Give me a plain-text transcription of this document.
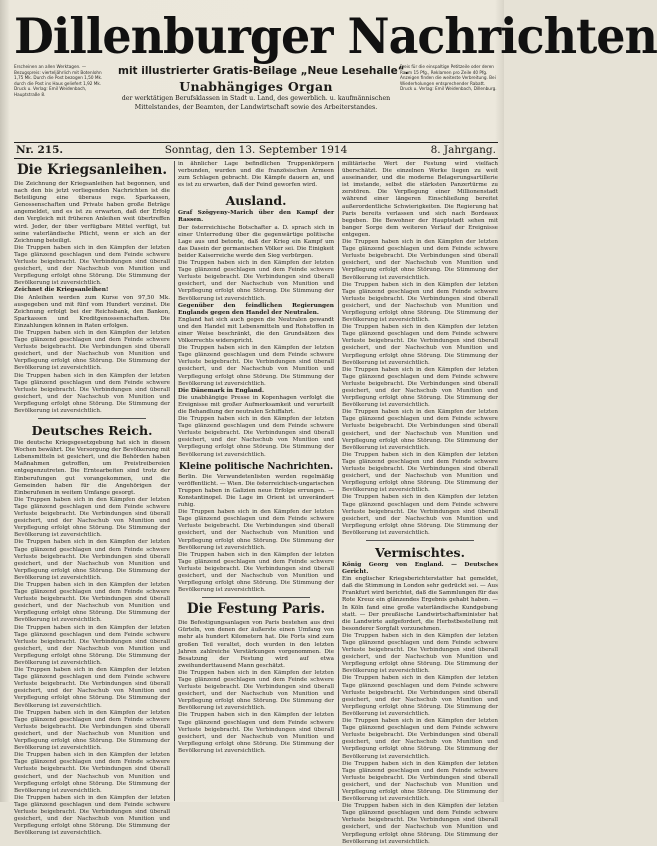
Dillenburger Nachrichten
Erscheinen an allen Werktagen. — Bezugspreis: vierteljährlich mit Botenlohn 1,75 Mk. Durch die Post bezogen 1,50 Mk. durch die Post ins Haus geliefert 1,92 Mk. Druck u. Verlag: Emil Weidenbach, Hauptstraße 8.
mit illustrierter Gratis-Beilage „Neue Lesehalle“.
Unabhängiges Organ
der werktätigen Berufsklassen in Stadt u. Land, des gewerblich. u. kaufmännischen Mittelstandes, der Beamten, der Landwirtschaft sowie des Arbeiterstandes.
Preis für die einspaltige Petitzeile oder deren Raum 15 Pfg., Reklamen pro Zeile 40 Pfg. Anzeigen finden die weiteste Verbreitung. Bei Wiederholungen entsprechender Rabatt. Druck u. Verlag: Emil Weidenbach, Dillenburg.
Nr. 215.	Sonntag, den 13. September 1914	8. Jahrgang.
Die Kriegsanleihen.

Die Zeichnung der Kriegsanleihen hat begonnen, und nach den bis jetzt vorliegenden Nachrichten ist die Beteiligung eine überaus rege. Sparkassen, Genossenschaften und Private haben große Beträge angemeldet, und es ist zu erwarten, daß der Erfolg den Vergleich mit früheren Anleihen weit übertreffen wird. Jeder, der über verfügbare Mittel verfügt, tut seine vaterländische Pflicht, wenn er sich an der Zeichnung beteiligt.

Die Truppen haben sich in den Kämpfen der letzten Tage glänzend geschlagen und dem Feinde schwere Verluste beigebracht. Die Verbindungen sind überall gesichert, und der Nachschub von Munition und Verpflegung erfolgt ohne Störung. Die Stimmung der Bevölkerung ist zuversichtlich.

Zeichnet die Kriegsanleihen!

Die Anleihen werden zum Kurse von 97,50 Mk. ausgegeben und mit fünf vom Hundert verzinst. Die Zeichnung erfolgt bei der Reichsbank, den Banken, Sparkassen und Kreditgenossenschaften. Die Einzahlungen können in Raten erfolgen.

Die Truppen haben sich in den Kämpfen der letzten Tage glänzend geschlagen und dem Feinde schwere Verluste beigebracht. Die Verbindungen sind überall gesichert, und der Nachschub von Munition und Verpflegung erfolgt ohne Störung. Die Stimmung der Bevölkerung ist zuversichtlich.

Die Truppen haben sich in den Kämpfen der letzten Tage glänzend geschlagen und dem Feinde schwere Verluste beigebracht. Die Verbindungen sind überall gesichert, und der Nachschub von Munition und Verpflegung erfolgt ohne Störung. Die Stimmung der Bevölkerung ist zuversichtlich.

Deutsches Reich.

Die deutsche Kriegsgesetzgebung hat sich in diesen Wochen bewährt. Die Versorgung der Bevölkerung mit Lebensmitteln ist gesichert, und die Behörden haben Maßnahmen getroffen, um Preistreibereien entgegenzutreten. Die Erntearbeiten sind trotz der Einberufungen gut vorangekommen, und die Gemeinden haben für die Angehörigen der Einberufenen in weitem Umfange gesorgt.

Die Truppen haben sich in den Kämpfen der letzten Tage glänzend geschlagen und dem Feinde schwere Verluste beigebracht. Die Verbindungen sind überall gesichert, und der Nachschub von Munition und Verpflegung erfolgt ohne Störung. Die Stimmung der Bevölkerung ist zuversichtlich.

Die Truppen haben sich in den Kämpfen der letzten Tage glänzend geschlagen und dem Feinde schwere Verluste beigebracht. Die Verbindungen sind überall gesichert, und der Nachschub von Munition und Verpflegung erfolgt ohne Störung. Die Stimmung der Bevölkerung ist zuversichtlich.

Die Truppen haben sich in den Kämpfen der letzten Tage glänzend geschlagen und dem Feinde schwere Verluste beigebracht. Die Verbindungen sind überall gesichert, und der Nachschub von Munition und Verpflegung erfolgt ohne Störung. Die Stimmung der Bevölkerung ist zuversichtlich.

Die Truppen haben sich in den Kämpfen der letzten Tage glänzend geschlagen und dem Feinde schwere Verluste beigebracht. Die Verbindungen sind überall gesichert, und der Nachschub von Munition und Verpflegung erfolgt ohne Störung. Die Stimmung der Bevölkerung ist zuversichtlich.

Die Truppen haben sich in den Kämpfen der letzten Tage glänzend geschlagen und dem Feinde schwere Verluste beigebracht. Die Verbindungen sind überall gesichert, und der Nachschub von Munition und Verpflegung erfolgt ohne Störung. Die Stimmung der Bevölkerung ist zuversichtlich.

Die Truppen haben sich in den Kämpfen der letzten Tage glänzend geschlagen und dem Feinde schwere Verluste beigebracht. Die Verbindungen sind überall gesichert, und der Nachschub von Munition und Verpflegung erfolgt ohne Störung. Die Stimmung der Bevölkerung ist zuversichtlich.

Die Truppen haben sich in den Kämpfen der letzten Tage glänzend geschlagen und dem Feinde schwere Verluste beigebracht. Die Verbindungen sind überall gesichert, und der Nachschub von Munition und Verpflegung erfolgt ohne Störung. Die Stimmung der Bevölkerung ist zuversichtlich.

Die Truppen haben sich in den Kämpfen der letzten Tage glänzend geschlagen und dem Feinde schwere Verluste beigebracht. Die Verbindungen sind überall gesichert, und der Nachschub von Munition und Verpflegung erfolgt ohne Störung. Die Stimmung der Bevölkerung ist zuversichtlich.

in ähnlicher Lage befindlichen Truppenkörpern verbunden, wurden und die französischen Armeen zum Schlagen gebracht. Die Kämpfe dauern an, und es ist zu erwarten, daß der Feind geworfen wird.

Ausland.

Graf Szögyeny-Marich über den Kampf der Rassen.

Der österreichische Botschafter a. D. sprach sich in einer Unterredung über die gegenwärtige politische Lage aus und betonte, daß der Krieg ein Kampf um das Dasein der germanischen Völker sei. Die Einigkeit beider Kaiserreiche werde den Sieg verbürgen.

Die Truppen haben sich in den Kämpfen der letzten Tage glänzend geschlagen und dem Feinde schwere Verluste beigebracht. Die Verbindungen sind überall gesichert, und der Nachschub von Munition und Verpflegung erfolgt ohne Störung. Die Stimmung der Bevölkerung ist zuversichtlich.

Gegenüber den feindlichen Regierungen Englands gegen den Handel der Neutralen.

England hat sich auch gegen die Neutralen gewandt und den Handel mit Lebensmitteln und Rohstoffen in einer Weise beschränkt, die den Grundsätzen des Völkerrechts widerspricht.

Die Truppen haben sich in den Kämpfen der letzten Tage glänzend geschlagen und dem Feinde schwere Verluste beigebracht. Die Verbindungen sind überall gesichert, und der Nachschub von Munition und Verpflegung erfolgt ohne Störung. Die Stimmung der Bevölkerung ist zuversichtlich.

Die Dänemark in England.

Die unabhängige Presse in Kopenhagen verfolgt die Ereignisse mit großer Aufmerksamkeit und verurteilt die Behandlung der neutralen Schiffahrt.

Die Truppen haben sich in den Kämpfen der letzten Tage glänzend geschlagen und dem Feinde schwere Verluste beigebracht. Die Verbindungen sind überall gesichert, und der Nachschub von Munition und Verpflegung erfolgt ohne Störung. Die Stimmung der Bevölkerung ist zuversichtlich.

Kleine politische Nachrichten.

Berlin. Die Verwundetenlisten werden regelmäßig veröffentlicht. — Wien. Die österreichisch-ungarischen Truppen haben in Galizien neue Erfolge errungen. — Konstantinopel. Die Lage im Orient ist unverändert ruhig.

Die Truppen haben sich in den Kämpfen der letzten Tage glänzend geschlagen und dem Feinde schwere Verluste beigebracht. Die Verbindungen sind überall gesichert, und der Nachschub von Munition und Verpflegung erfolgt ohne Störung. Die Stimmung der Bevölkerung ist zuversichtlich.

Die Truppen haben sich in den Kämpfen der letzten Tage glänzend geschlagen und dem Feinde schwere Verluste beigebracht. Die Verbindungen sind überall gesichert, und der Nachschub von Munition und Verpflegung erfolgt ohne Störung. Die Stimmung der Bevölkerung ist zuversichtlich.

Die Festung Paris.

Die Befestigungsanlagen von Paris bestehen aus drei Gürteln, von denen der äußerste einen Umfang von mehr als hundert Kilometern hat. Die Forts sind zum großen Teil veraltet, doch wurden in den letzten Jahren zahlreiche Verstärkungen vorgenommen. Die Besatzung der Festung wird auf etwa zweihunderttausend Mann geschätzt.

Die Truppen haben sich in den Kämpfen der letzten Tage glänzend geschlagen und dem Feinde schwere Verluste beigebracht. Die Verbindungen sind überall gesichert, und der Nachschub von Munition und Verpflegung erfolgt ohne Störung. Die Stimmung der Bevölkerung ist zuversichtlich.

Die Truppen haben sich in den Kämpfen der letzten Tage glänzend geschlagen und dem Feinde schwere Verluste beigebracht. Die Verbindungen sind überall gesichert, und der Nachschub von Munition und Verpflegung erfolgt ohne Störung. Die Stimmung der Bevölkerung ist zuversichtlich.

militärische Wert der Festung wird vielfach überschätzt. Die einzelnen Werke liegen zu weit auseinander, und die moderne Belagerungsartillerie ist imstande, selbst die stärksten Panzertürme zu zerstören. Die Verpflegung einer Millionenstadt während einer längeren Einschließung bereitet außerordentliche Schwierigkeiten. Die Regierung hat Paris bereits verlassen und sich nach Bordeaux begeben. Die Bewohner der Hauptstadt sehen mit banger Sorge dem weiteren Verlauf der Ereignisse entgegen.

Die Truppen haben sich in den Kämpfen der letzten Tage glänzend geschlagen und dem Feinde schwere Verluste beigebracht. Die Verbindungen sind überall gesichert, und der Nachschub von Munition und Verpflegung erfolgt ohne Störung. Die Stimmung der Bevölkerung ist zuversichtlich.

Die Truppen haben sich in den Kämpfen der letzten Tage glänzend geschlagen und dem Feinde schwere Verluste beigebracht. Die Verbindungen sind überall gesichert, und der Nachschub von Munition und Verpflegung erfolgt ohne Störung. Die Stimmung der Bevölkerung ist zuversichtlich.

Die Truppen haben sich in den Kämpfen der letzten Tage glänzend geschlagen und dem Feinde schwere Verluste beigebracht. Die Verbindungen sind überall gesichert, und der Nachschub von Munition und Verpflegung erfolgt ohne Störung. Die Stimmung der Bevölkerung ist zuversichtlich.

Die Truppen haben sich in den Kämpfen der letzten Tage glänzend geschlagen und dem Feinde schwere Verluste beigebracht. Die Verbindungen sind überall gesichert, und der Nachschub von Munition und Verpflegung erfolgt ohne Störung. Die Stimmung der Bevölkerung ist zuversichtlich.

Die Truppen haben sich in den Kämpfen der letzten Tage glänzend geschlagen und dem Feinde schwere Verluste beigebracht. Die Verbindungen sind überall gesichert, und der Nachschub von Munition und Verpflegung erfolgt ohne Störung. Die Stimmung der Bevölkerung ist zuversichtlich.

Die Truppen haben sich in den Kämpfen der letzten Tage glänzend geschlagen und dem Feinde schwere Verluste beigebracht. Die Verbindungen sind überall gesichert, und der Nachschub von Munition und Verpflegung erfolgt ohne Störung. Die Stimmung der Bevölkerung ist zuversichtlich.

Die Truppen haben sich in den Kämpfen der letzten Tage glänzend geschlagen und dem Feinde schwere Verluste beigebracht. Die Verbindungen sind überall gesichert, und der Nachschub von Munition und Verpflegung erfolgt ohne Störung. Die Stimmung der Bevölkerung ist zuversichtlich.

Vermischtes.

König Georg von England. — Deutsches Gericht.

Ein englischer Kriegsberichterstatter hat gemeldet, daß die Stimmung in London sehr gedrückt sei. — Aus Frankfurt wird berichtet, daß die Sammlungen für das Rote Kreuz ein glänzendes Ergebnis gehabt haben. — In Köln fand eine große vaterländische Kundgebung statt. — Der preußische Landwirtschaftsminister hat die Landwirte aufgefordert, die Herbstbestellung mit besonderer Sorgfalt vorzunehmen.

Die Truppen haben sich in den Kämpfen der letzten Tage glänzend geschlagen und dem Feinde schwere Verluste beigebracht. Die Verbindungen sind überall gesichert, und der Nachschub von Munition und Verpflegung erfolgt ohne Störung. Die Stimmung der Bevölkerung ist zuversichtlich.

Die Truppen haben sich in den Kämpfen der letzten Tage glänzend geschlagen und dem Feinde schwere Verluste beigebracht. Die Verbindungen sind überall gesichert, und der Nachschub von Munition und Verpflegung erfolgt ohne Störung. Die Stimmung der Bevölkerung ist zuversichtlich.

Die Truppen haben sich in den Kämpfen der letzten Tage glänzend geschlagen und dem Feinde schwere Verluste beigebracht. Die Verbindungen sind überall gesichert, und der Nachschub von Munition und Verpflegung erfolgt ohne Störung. Die Stimmung der Bevölkerung ist zuversichtlich.

Die Truppen haben sich in den Kämpfen der letzten Tage glänzend geschlagen und dem Feinde schwere Verluste beigebracht. Die Verbindungen sind überall gesichert, und der Nachschub von Munition und Verpflegung erfolgt ohne Störung. Die Stimmung der Bevölkerung ist zuversichtlich.

Die Truppen haben sich in den Kämpfen der letzten Tage glänzend geschlagen und dem Feinde schwere Verluste beigebracht. Die Verbindungen sind überall gesichert, und der Nachschub von Munition und Verpflegung erfolgt ohne Störung. Die Stimmung der Bevölkerung ist zuversichtlich.
